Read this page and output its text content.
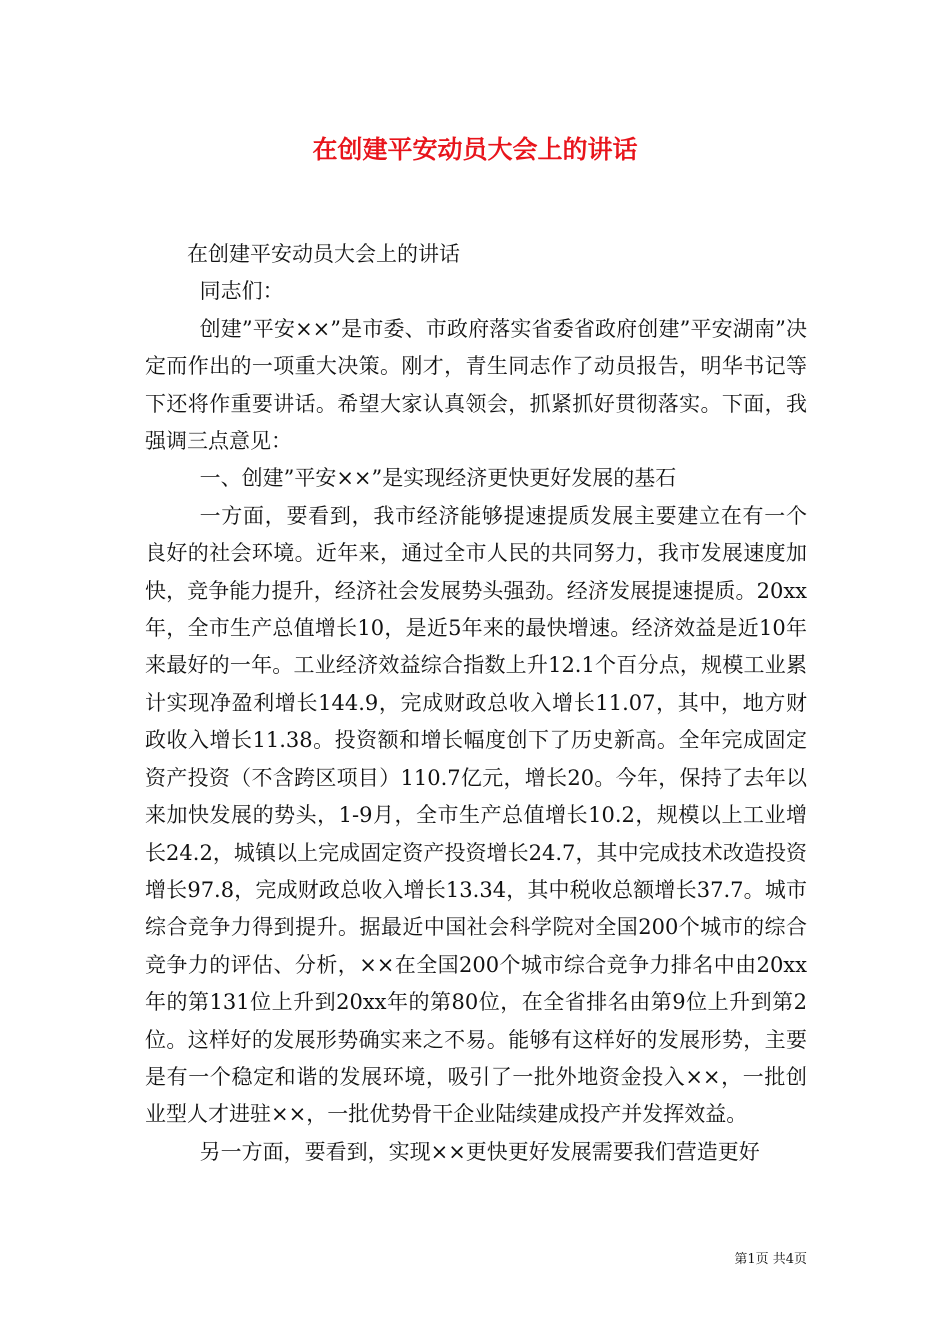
在创建平安动员大会上的讲话

在创建平安动员大会上的讲话

同志们：

创建”平安××”是市委、市政府落实省委省政府创建”平安湖南”决定而作出的一项重大决策。刚才，青生同志作了动员报告，明华书记等下还将作重要讲话。希望大家认真领会，抓紧抓好贯彻落实。下面，我强调三点意见：

一、创建”平安××”是实现经济更快更好发展的基石

一方面，要看到，我市经济能够提速提质发展主要建立在有一个良好的社会环境。近年来，通过全市人民的共同努力，我市发展速度加快，竞争能力提升，经济社会发展势头强劲。经济发展提速提质。20xx年，全市生产总值增长10，是近5年来的最快增速。经济效益是近10年来最好的一年。工业经济效益综合指数上升12.1个百分点，规模工业累计实现净盈利增长144.9，完成财政总收入增长11.07，其中，地方财政收入增长11.38。投资额和增长幅度创下了历史新高。全年完成固定资产投资（不含跨区项目）110.7亿元，增长20。今年，保持了去年以来加快发展的势头，1-9月，全市生产总值增长10.2，规模以上工业增长24.2，城镇以上完成固定资产投资增长24.7，其中完成技术改造投资增长97.8，完成财政总收入增长13.34，其中税收总额增长37.7。城市综合竞争力得到提升。据最近中国社会科学院对全国200个城市的综合竞争力的评估、分析，××在全国200个城市综合竞争力排名中由20xx年的第131位上升到20xx年的第80位，在全省排名由第9位上升到第2位。这样好的发展形势确实来之不易。能够有这样好的发展形势，主要是有一个稳定和谐的发展环境，吸引了一批外地资金投入××，一批创业型人才进驻××，一批优势骨干企业陆续建成投产并发挥效益。

另一方面，要看到，实现××更快更好发展需要我们营造更好

第1页 共4页
